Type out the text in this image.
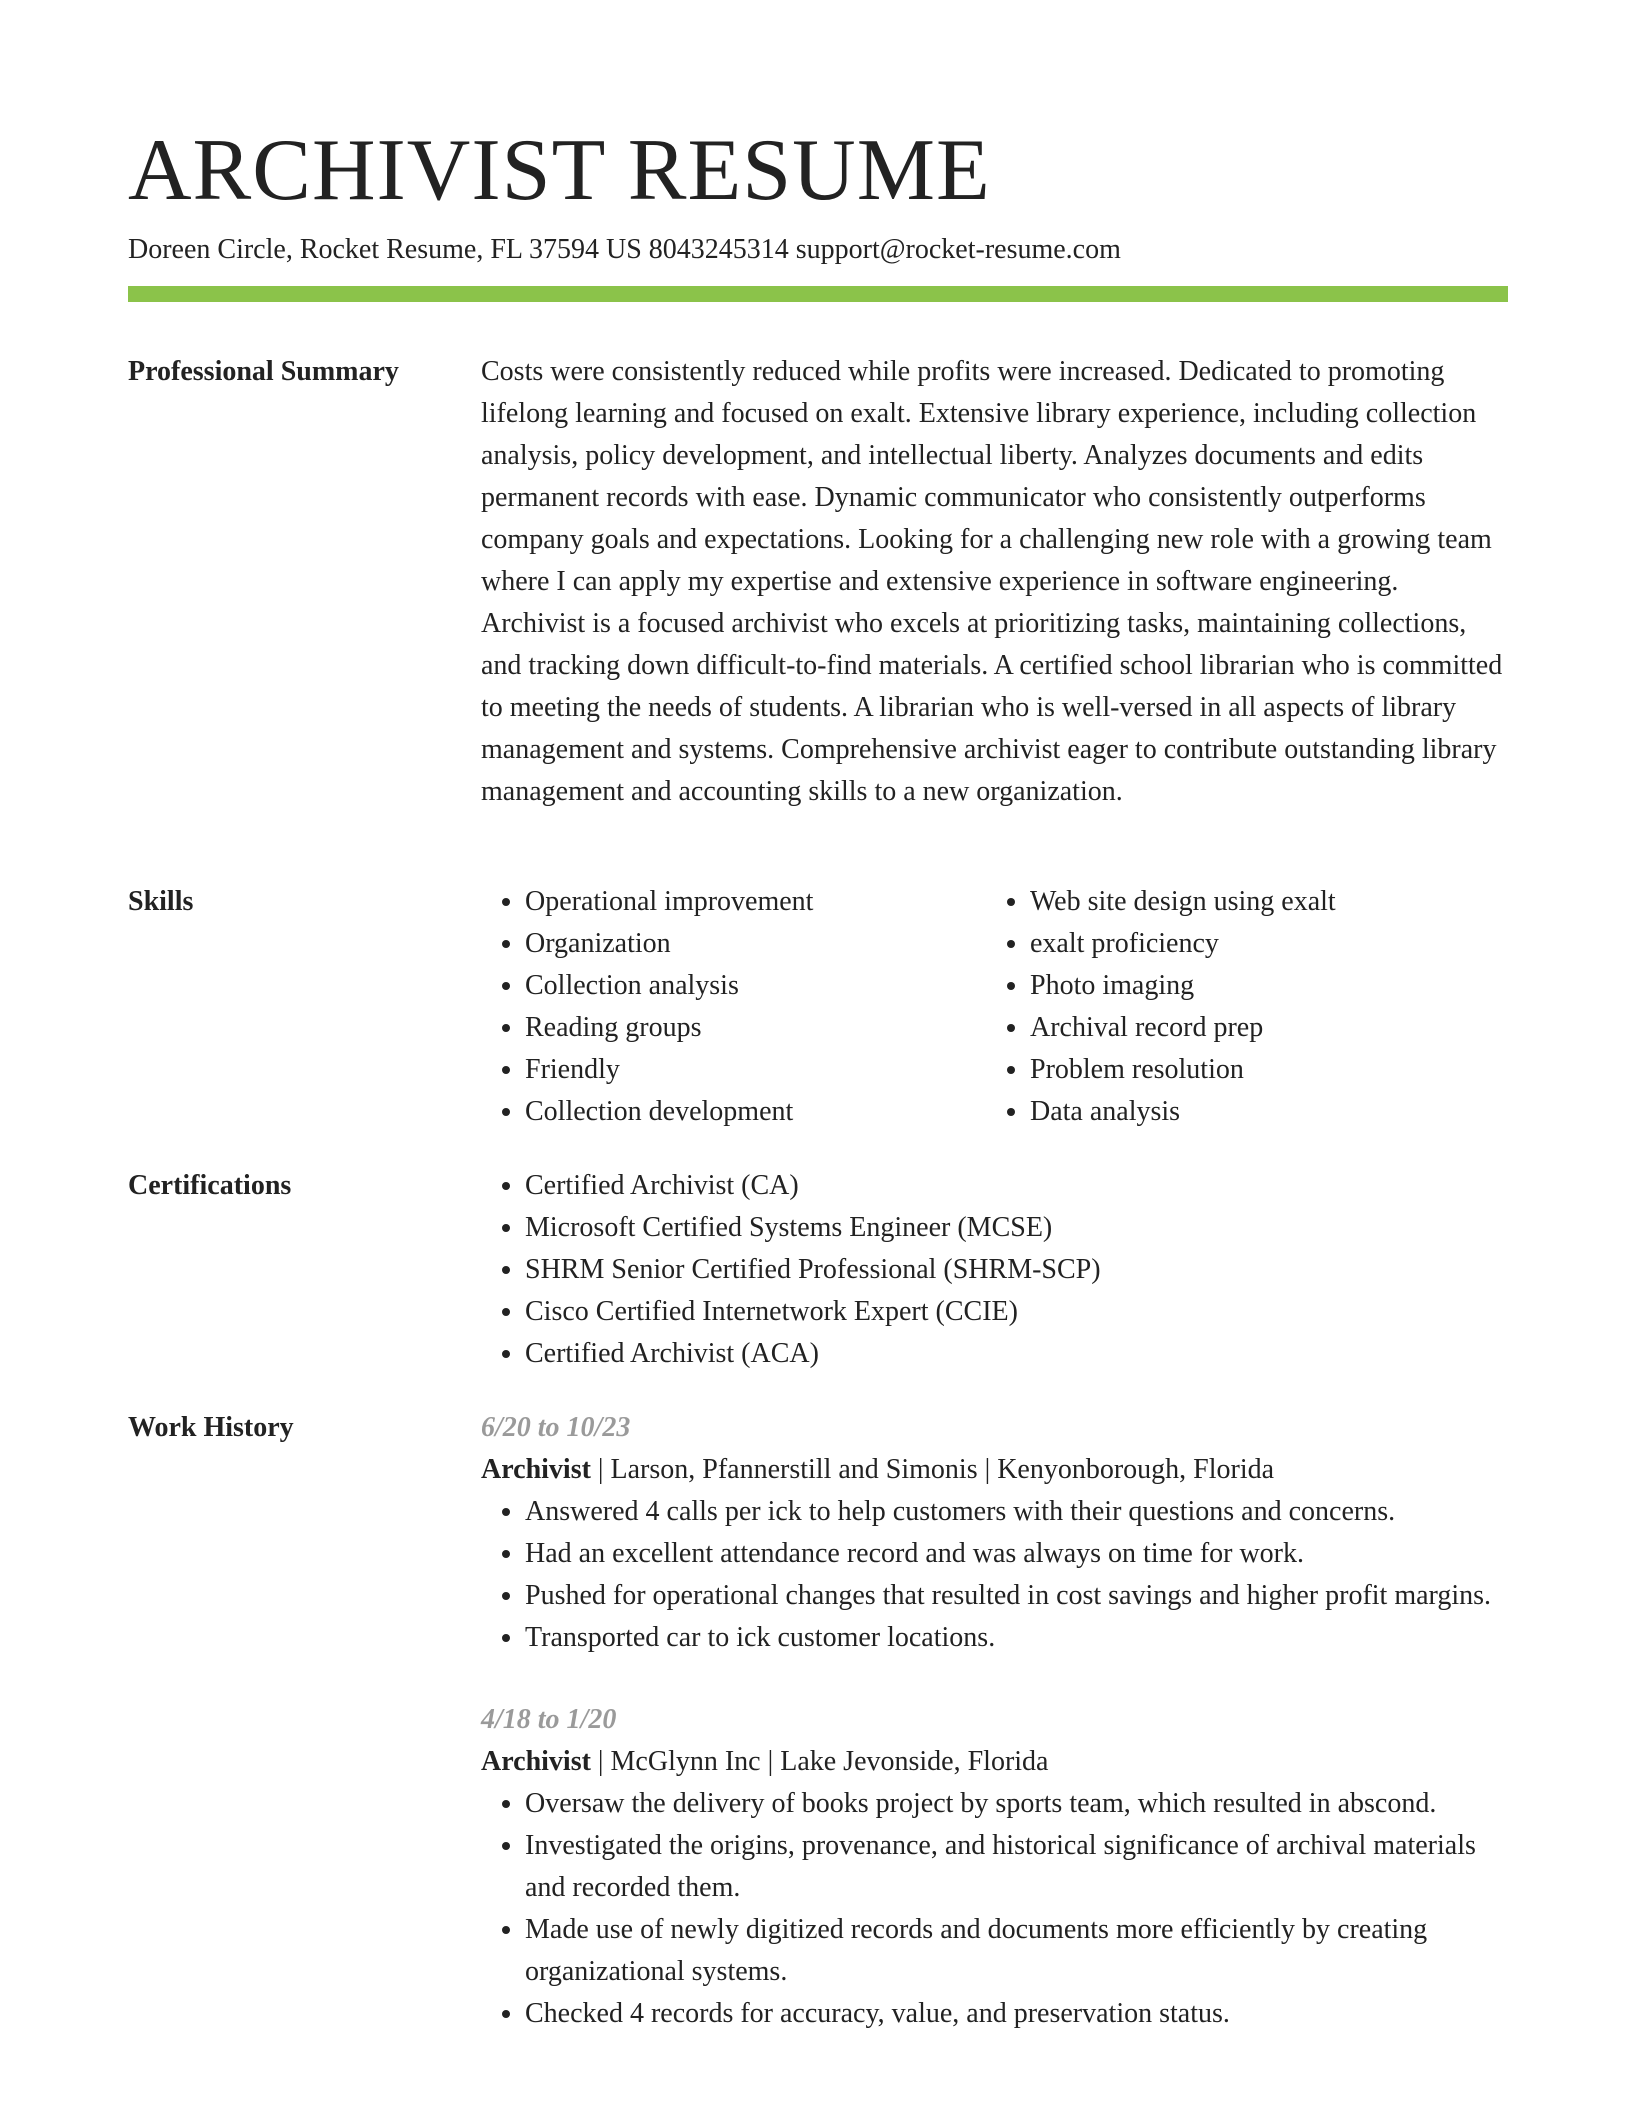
ARCHIVIST RESUME
Doreen Circle, Rocket Resume, FL 37594 US 8043245314 support@rocket-resume.com
Professional Summary	Costs were consistently reduced while profits were increased. Dedicated to promoting lifelong learning and focused on exalt. Extensive library experience, including collection analysis, policy development, and intellectual liberty. Analyzes documents and edits permanent records with ease. Dynamic communicator who consistently outperforms company goals and expectations. Looking for a challenging new role with a growing team where I can apply my expertise and extensive experience in software engineering. Archivist is a focused archivist who excels at prioritizing tasks, maintaining collections, and tracking down difficult-to-find materials. A certified school librarian who is committed to meeting the needs of students. A librarian who is well-versed in all aspects of library management and systems. Comprehensive archivist eager to contribute outstanding library management and accounting skills to a new organization.

Skills	• Operational improvement
• Organization
• Collection analysis
• Reading groups
• Friendly
• Collection development
• Web site design using exalt
• exalt proficiency
• Photo imaging
• Archival record prep
• Problem resolution
• Data analysis
Certifications	• Certified Archivist (CA)
• Microsoft Certified Systems Engineer (MCSE)
• SHRM Senior Certified Professional (SHRM-SCP)
• Cisco Certified Internetwork Expert (CCIE)
• Certified Archivist (ACA)
Work History	6/20 to 10/23
Archivist | Larson, Pfannerstill and Simonis | Kenyonborough, Florida
• Answered 4 calls per ick to help customers with their questions and concerns.
• Had an excellent attendance record and was always on time for work.
• Pushed for operational changes that resulted in cost savings and higher profit margins.
• Transported car to ick customer locations.
4/18 to 1/20
Archivist | McGlynn Inc | Lake Jevonside, Florida
• Oversaw the delivery of books project by sports team, which resulted in abscond.
• Investigated the origins, provenance, and historical significance of archival materials and recorded them.
• Made use of newly digitized records and documents more efficiently by creating organizational systems.
• Checked 4 records for accuracy, value, and preservation status.
